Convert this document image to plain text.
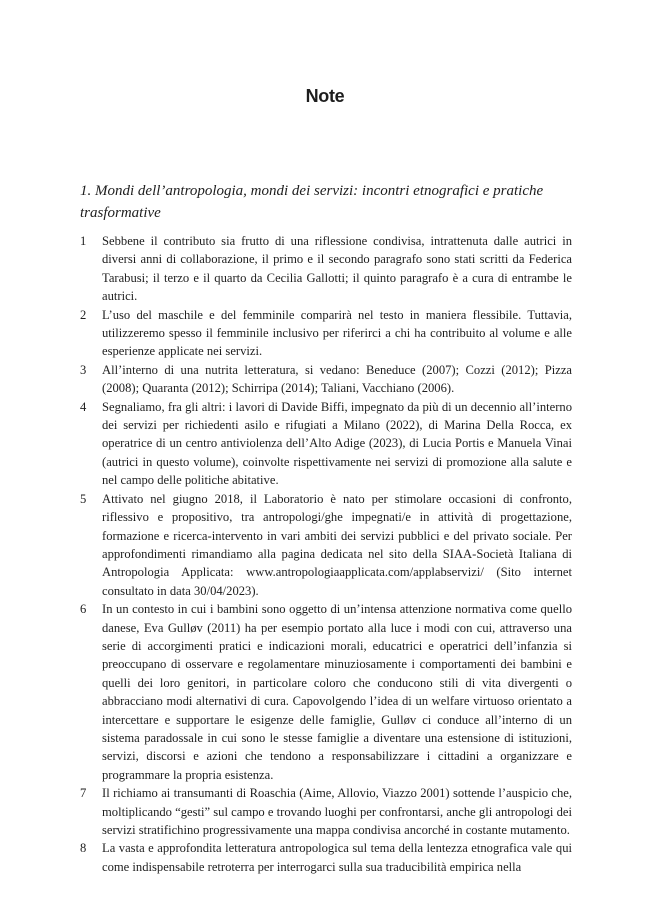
Note
1. Mondi dell’antropologia, mondi dei servizi: incontri etnografici e pratiche trasformative
1	Sebbene il contributo sia frutto di una riflessione condivisa, intrattenuta dalle autrici in diversi anni di collaborazione, il primo e il secondo paragrafo sono stati scritti da Federica Tarabusi; il terzo e il quarto da Cecilia Gallotti; il quinto paragrafo è a cura di entrambe le autrici.
2	L’uso del maschile e del femminile comparirà nel testo in maniera flessibile. Tuttavia, utilizzeremo spesso il femminile inclusivo per riferirci a chi ha contribuito al volume e alle esperienze applicate nei servizi.
3	All’interno di una nutrita letteratura, si vedano: Beneduce (2007); Cozzi (2012); Pizza (2008); Quaranta (2012); Schirripa (2014); Taliani, Vacchiano (2006).
4	Segnaliamo, fra gli altri: i lavori di Davide Biffi, impegnato da più di un decennio all’interno dei servizi per richiedenti asilo e rifugiati a Milano (2022), di Marina Della Rocca, ex operatrice di un centro antiviolenza dell’Alto Adige (2023), di Lucia Portis e Manuela Vinai (autrici in questo volume), coinvolte rispettivamente nei servizi di promozione alla salute e nel campo delle politiche abitative.
5	Attivato nel giugno 2018, il Laboratorio è nato per stimolare occasioni di confronto, riflessivo e propositivo, tra antropologi/ghe impegnati/e in attività di progettazione, formazione e ricerca-intervento in vari ambiti dei servizi pubblici e del privato sociale. Per approfondimenti rimandiamo alla pagina dedicata nel sito della SIAA-Società Italiana di Antropologia Applicata: www.antropologiaapplicata.com/applabservizi/ (Sito internet consultato in data 30/04/2023).
6	In un contesto in cui i bambini sono oggetto di un’intensa attenzione normativa come quello danese, Eva Gulløv (2011) ha per esempio portato alla luce i modi con cui, attraverso una serie di accorgimenti pratici e indicazioni morali, educatrici e operatrici dell’infanzia si preoccupano di osservare e regolamentare minuziosamente i comportamenti dei bambini e quelli dei loro genitori, in particolare coloro che conducono stili di vita divergenti o abbracciano modi alternativi di cura. Capovolgendo l’idea di un welfare virtuoso orientato a intercettare e supportare le esigenze delle famiglie, Gulløv ci conduce all’interno di un sistema paradossale in cui sono le stesse famiglie a diventare una estensione di istituzioni, servizi, discorsi e azioni che tendono a responsabilizzare i cittadini a organizzare e programmare la propria esistenza.
7	Il richiamo ai transumanti di Roaschia (Aime, Allovio, Viazzo 2001) sottende l’auspicio che, moltiplicando “gesti” sul campo e trovando luoghi per confrontarsi, anche gli antropologi dei servizi stratifichino progressivamente una mappa condivisa ancorché in costante mutamento.
8	La vasta e approfondita letteratura antropologica sul tema della lentezza etnografica vale qui come indispensabile retroterra per interrogarci sulla sua traducibilità empirica nella
